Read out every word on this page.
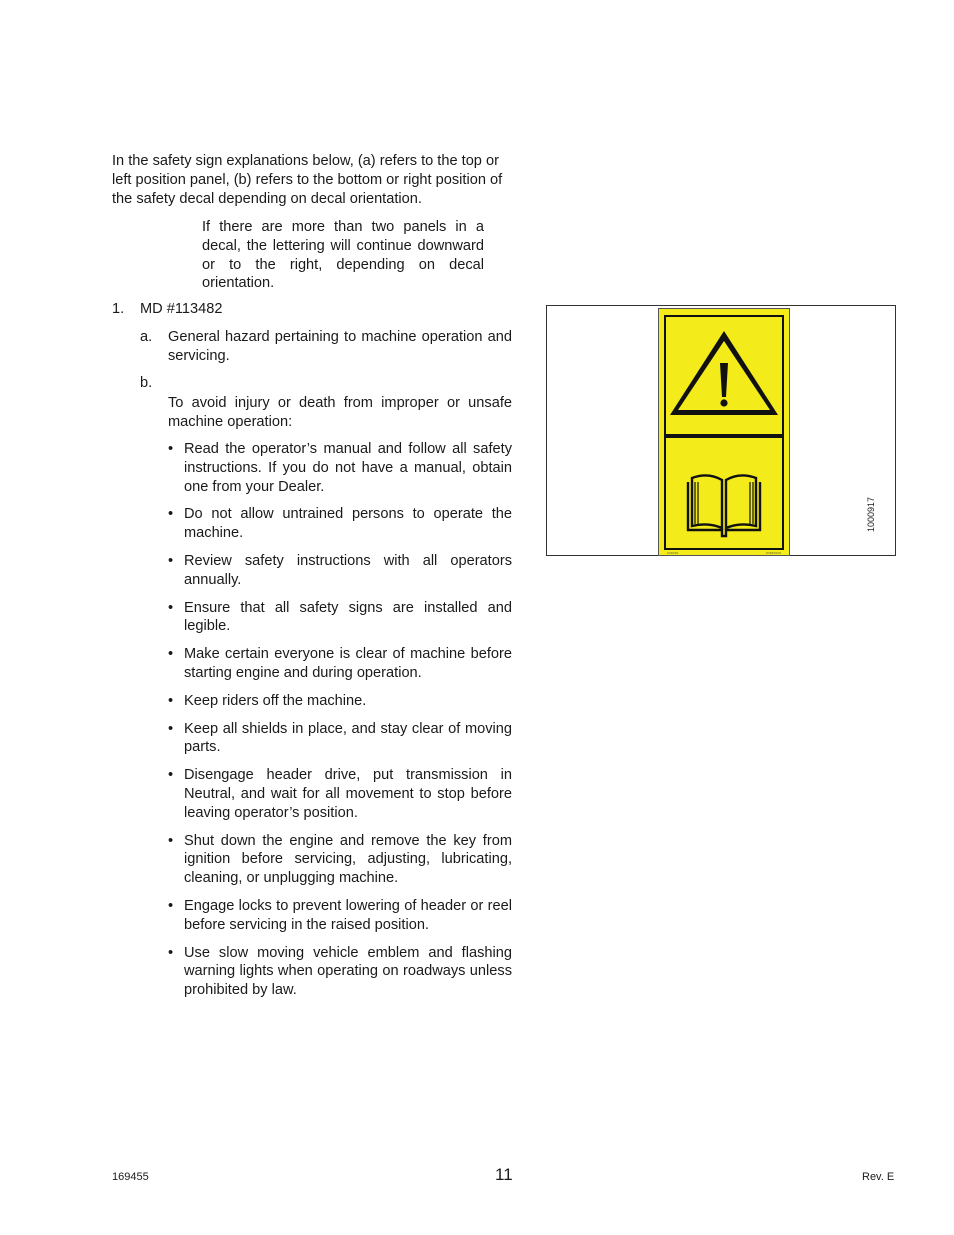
In the safety sign explanations below, (a) refers to the top or left position panel, (b) refers to the bottom or right position of the safety decal depending on decal orientation.
If there are more than two panels in a decal, the lettering will continue downward or to the right, depending on decal orientation.
1. MD #113482
a. General hazard pertaining to machine operation and servicing.
b.
To avoid injury or death from improper or unsafe machine operation:
• Read the operator’s manual and follow all safety instructions. If you do not have a manual, obtain one from your Dealer.
• Do not allow untrained persons to operate the machine.
• Review safety instructions with all operators annually.
• Ensure that all safety signs are installed and legible.
• Make certain everyone is clear of machine before starting engine and during operation.
• Keep riders off the machine.
• Keep all shields in place, and stay clear of moving parts.
• Disengage header drive, put transmission in Neutral, and wait for all movement to stop before leaving operator’s position.
• Shut down the engine and remove the key from ignition before servicing, adjusting, lubricating, cleaning, or unplugging machine.
• Engage locks to prevent lowering of header or reel before servicing in the raised position.
• Use slow moving vehicle emblem and flashing warning lights when operating on roadways unless prohibited by law.
▭▭▭	▭▭▭▭
1000917
169455	11	Rev. E
